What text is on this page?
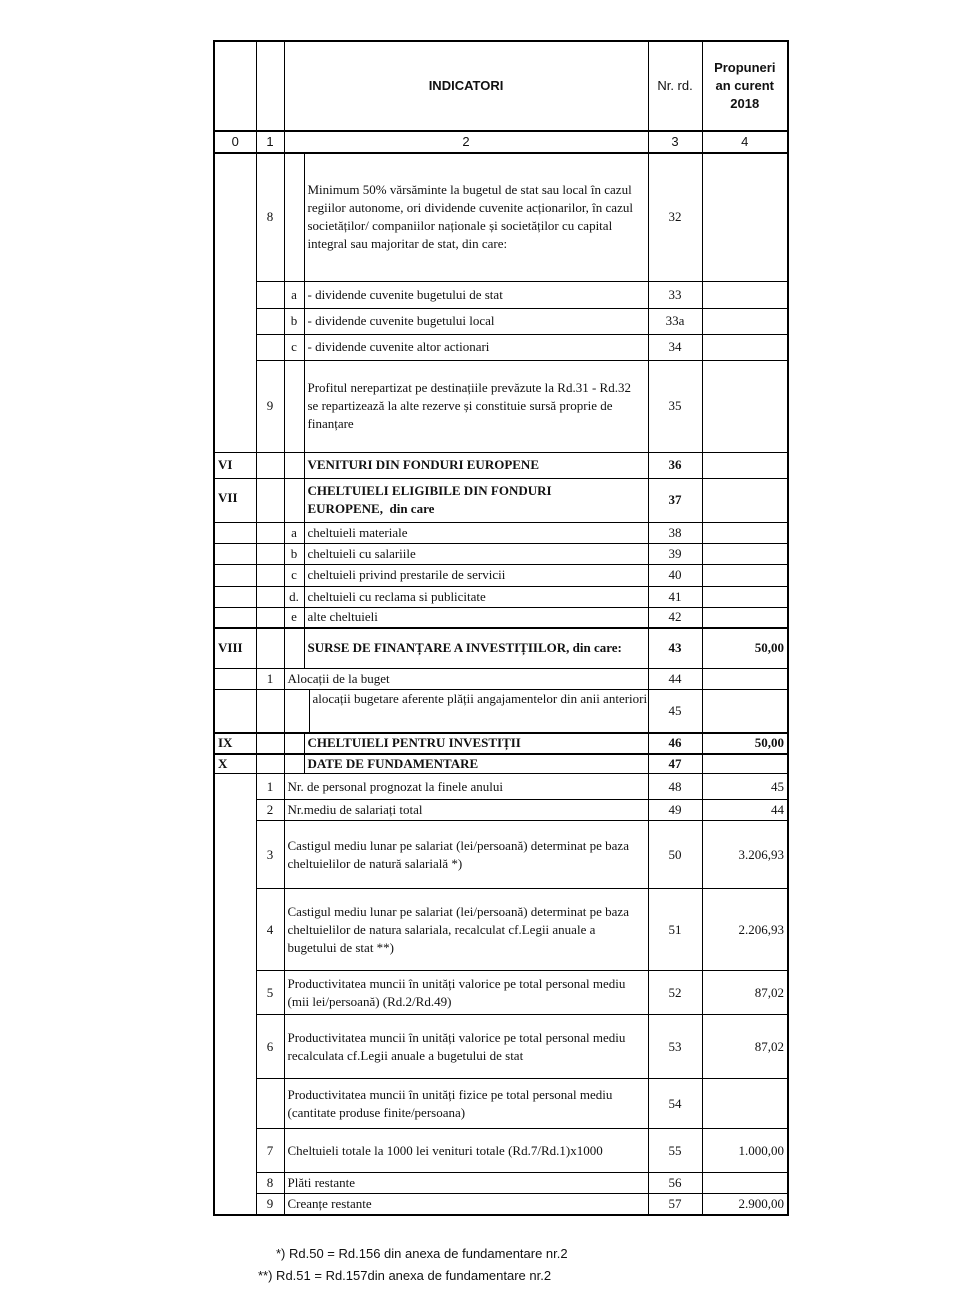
		INDICATORI		Nr. rd.	Propuneri an curent 2018
0	1	2		3	4
	8		Minimum 50% vărsăminte la bugetul de stat sau local în cazul regiilor autonome, ori dividende cuvenite acționarilor, în cazul societăților/ companiilor naționale și societăților cu capital integral sau majoritar de stat, din care:	32	
		a	- dividende cuvenite bugetului de stat	33	
		b	- dividende cuvenite bugetului local	33a	
		c	- dividende cuvenite altor actionari	34	
	9		Profitul nerepartizat pe destinațiile prevăzute la Rd.31 - Rd.32 se repartizează la alte rezerve și constituie sursă propriе de finanțare	35	
VI			VENITURI DIN FONDURI EUROPENE	36	
VII			CHELTUIELI ELIGIBILE DIN FONDURI EUROPENE, din care	37	
		a	cheltuieli materiale	38	
		b	cheltuieli cu salariile	39	
		c	cheltuieli privind prestarile de servicii	40	
		d.	cheltuieli cu reclama si publicitate	41	
		e	alte cheltuieli	42	
VIII			SURSE DE FINANȚARE A INVESTIȚIILOR, din care:	43	50,00
	1	Alocații de la buget		44	

		alocații bugetare aferente plății angajamentelor din anii anteriori		45	
IX			CHELTUIELI PENTRU INVESTIȚII	46	50,00
X			DATE DE FUNDAMENTARE	47	
	1	Nr. de personal prognozat la finele anului		48	45
	2	Nr.mediu de salariați total		49	44
	3	Castigul mediu lunar pe salariat (lei/persoană) determinat pe baza cheltuielilor de natură salarială *)		50	3.206,93
	4	Castigul mediu lunar pe salariat (lei/persoană) determinat pe baza cheltuielilor de natura salariala, recalculat cf.Legii anuale a bugetului de stat **)		51	2.206,93
	5	Productivitatea muncii în unități valorice pe total personal mediu (mii lei/persoană) (Rd.2/Rd.49)		52	87,02
	6	Productivitatea muncii în unități valorice pe total personal mediu recalculata cf.Legii anuale a bugetului de stat		53	87,02
		Productivitatea muncii în unități fizice pe total personal mediu (cantitate produse finite/persoana)		54	
	7	Cheltuieli totale la 1000 lei venituri totale (Rd.7/Rd.1)x1000		55	1.000,00
	8	Plăti restante		56	
	9	Creanțe restante		57	2.900,00
*) Rd.50 = Rd.156 din anexa de fundamentare nr.2
**) Rd.51 = Rd.157din anexa de fundamentare nr.2
